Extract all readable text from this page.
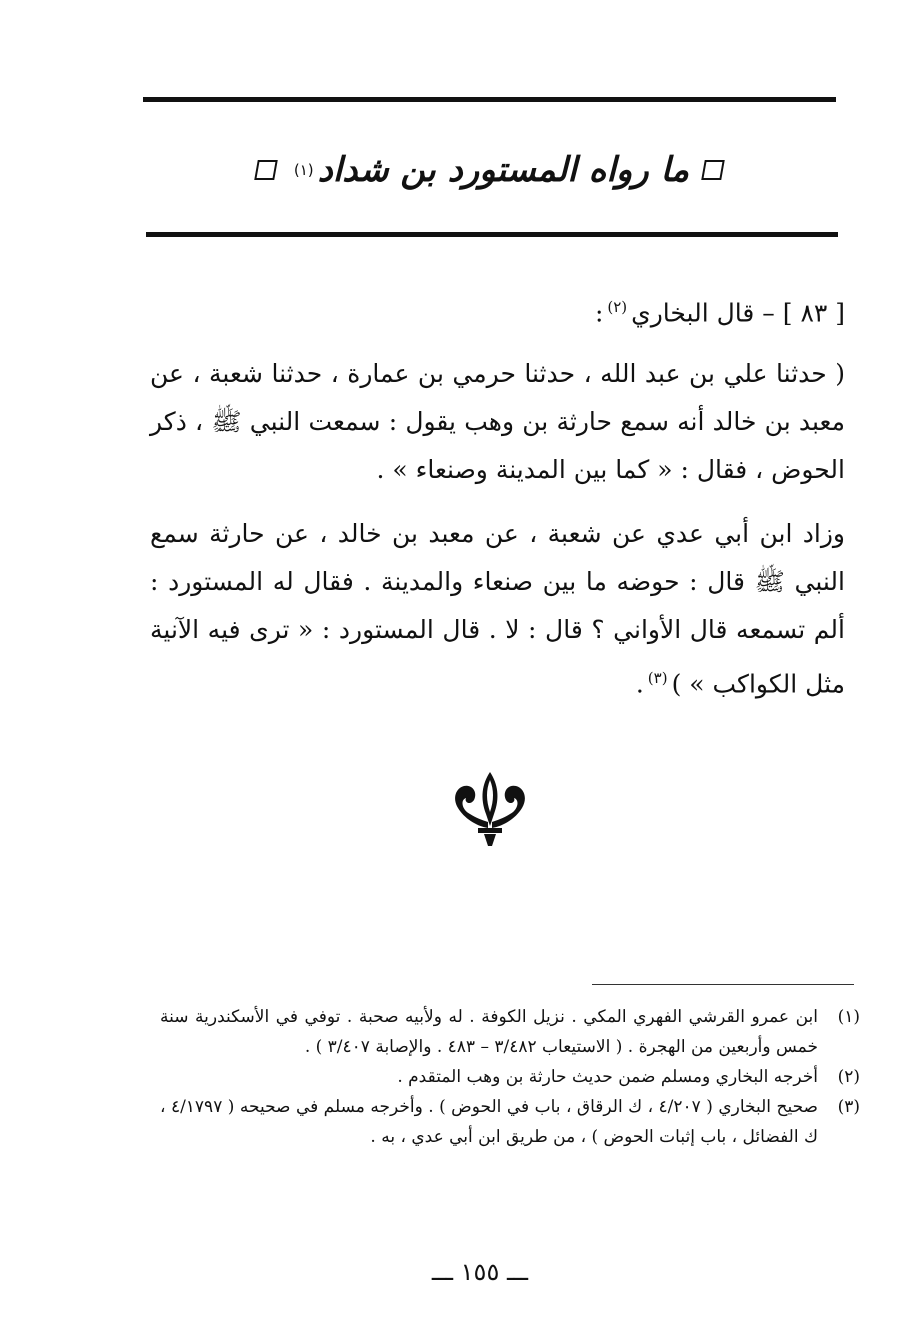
ما رواه المستورد بن شداد
(١)
[ ٨٣ ] – قال البخاري$^{(٢)}$:
( حدثنا علي بن عبد الله ، حدثنا حرمي بن عمارة ، حدثنا شعبة ، عن معبد بن خالد أنه سمع حارثة بن وهب يقول : سمعت النبي ﷺ ، ذكر الحوض ، فقال : « كما بين المدينة وصنعاء » .
وزاد ابن أبي عدي عن شعبة ، عن معبد بن خالد ، عن حارثة سمع النبي ﷺ قال : حوضه ما بين صنعاء والمدينة . فقال له المستورد : ألم تسمعه قال الأواني ؟ قال : لا . قال المستورد : « ترى فيه الآنية مثل الكواكب » )$^{(٣)}$.
(١)
ابن عمرو القرشي الفهري المكي . نزيل الكوفة . له ولأبيه صحبة . توفي في الأسكندرية سنة خمس وأربعين من الهجرة . ( الاستيعاب ٣/٤٨٢ – ٤٨٣ . والإصابة ٣/٤٠٧ ) .
(٢)
أخرجه البخاري ومسلم ضمن حديث حارثة بن وهب المتقدم .
(٣)
صحيح البخاري ( ٤/٢٠٧ ، ك الرقاق ، باب في الحوض ) . وأخرجه مسلم في صحيحه ( ٤/١٧٩٧ ، ك الفضائل ، باب إثبات الحوض ) ، من طريق ابن أبي عدي ، به .
ـــ ١٥٥ ـــ
